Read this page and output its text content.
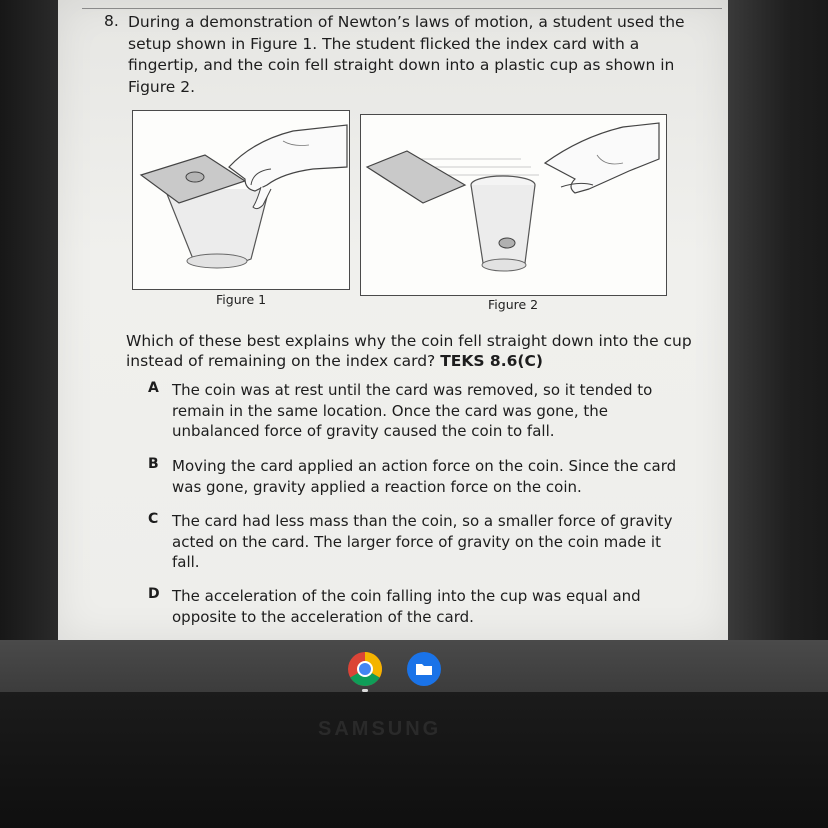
8. During a demonstration of Newton’s laws of motion, a student used the setup shown in Figure 1. The student flicked the index card with a fingertip, and the coin fell straight down into a plastic cup as shown in Figure 2.

Figure 1	Figure 2

Which of these best explains why the coin fell straight down into the cup instead of remaining on the index card? TEKS 8.6(C)

A The coin was at rest until the card was removed, so it tended to remain in the same location. Once the card was gone, the unbalanced force of gravity caused the coin to fall.

B Moving the card applied an action force on the coin. Since the card was gone, gravity applied a reaction force on the coin.

C The card had less mass than the coin, so a smaller force of gravity acted on the card. The larger force of gravity on the coin made it fall.

D The acceleration of the coin falling into the cup was equal and opposite to the acceleration of the card.

SAMSUNG
